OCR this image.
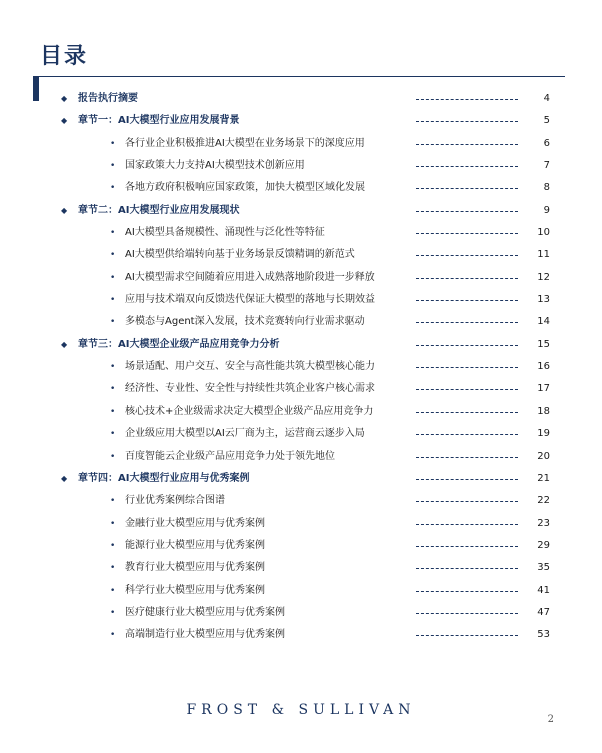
目录
◆ 报告执行摘要	4
◆ 章节一：AI大模型行业应用发展背景	5
• 各行业企业积极推进AI大模型在业务场景下的深度应用	6
• 国家政策大力支持AI大模型技术创新应用	7
• 各地方政府积极响应国家政策，加快大模型区域化发展	8
◆ 章节二：AI大模型行业应用发展现状	9
• AI大模型具备规模性、涌现性与泛化性等特征	10
• AI大模型供给端转向基于业务场景反馈精调的新范式	11
• AI大模型需求空间随着应用进入成熟落地阶段进一步释放	12
• 应用与技术端双向反馈迭代保证大模型的落地与长期效益	13
• 多模态与Agent深入发展，技术竞赛转向行业需求驱动	14
◆ 章节三：AI大模型企业级产品应用竞争力分析	15
• 场景适配、用户交互、安全与高性能共筑大模型核心能力	16
• 经济性、专业性、安全性与持续性共筑企业客户核心需求	17
• 核心技术+企业级需求决定大模型企业级产品应用竞争力	18
• 企业级应用大模型以AI云厂商为主，运营商云逐步入局	19
• 百度智能云企业级产品应用竞争力处于领先地位	20
◆ 章节四：AI大模型行业应用与优秀案例	21
• 行业优秀案例综合图谱	22
• 金融行业大模型应用与优秀案例	23
• 能源行业大模型应用与优秀案例	29
• 教育行业大模型应用与优秀案例	35
• 科学行业大模型应用与优秀案例	41
• 医疗健康行业大模型应用与优秀案例	47
• 高端制造行业大模型应用与优秀案例	53
FROST & SULLIVAN
2
